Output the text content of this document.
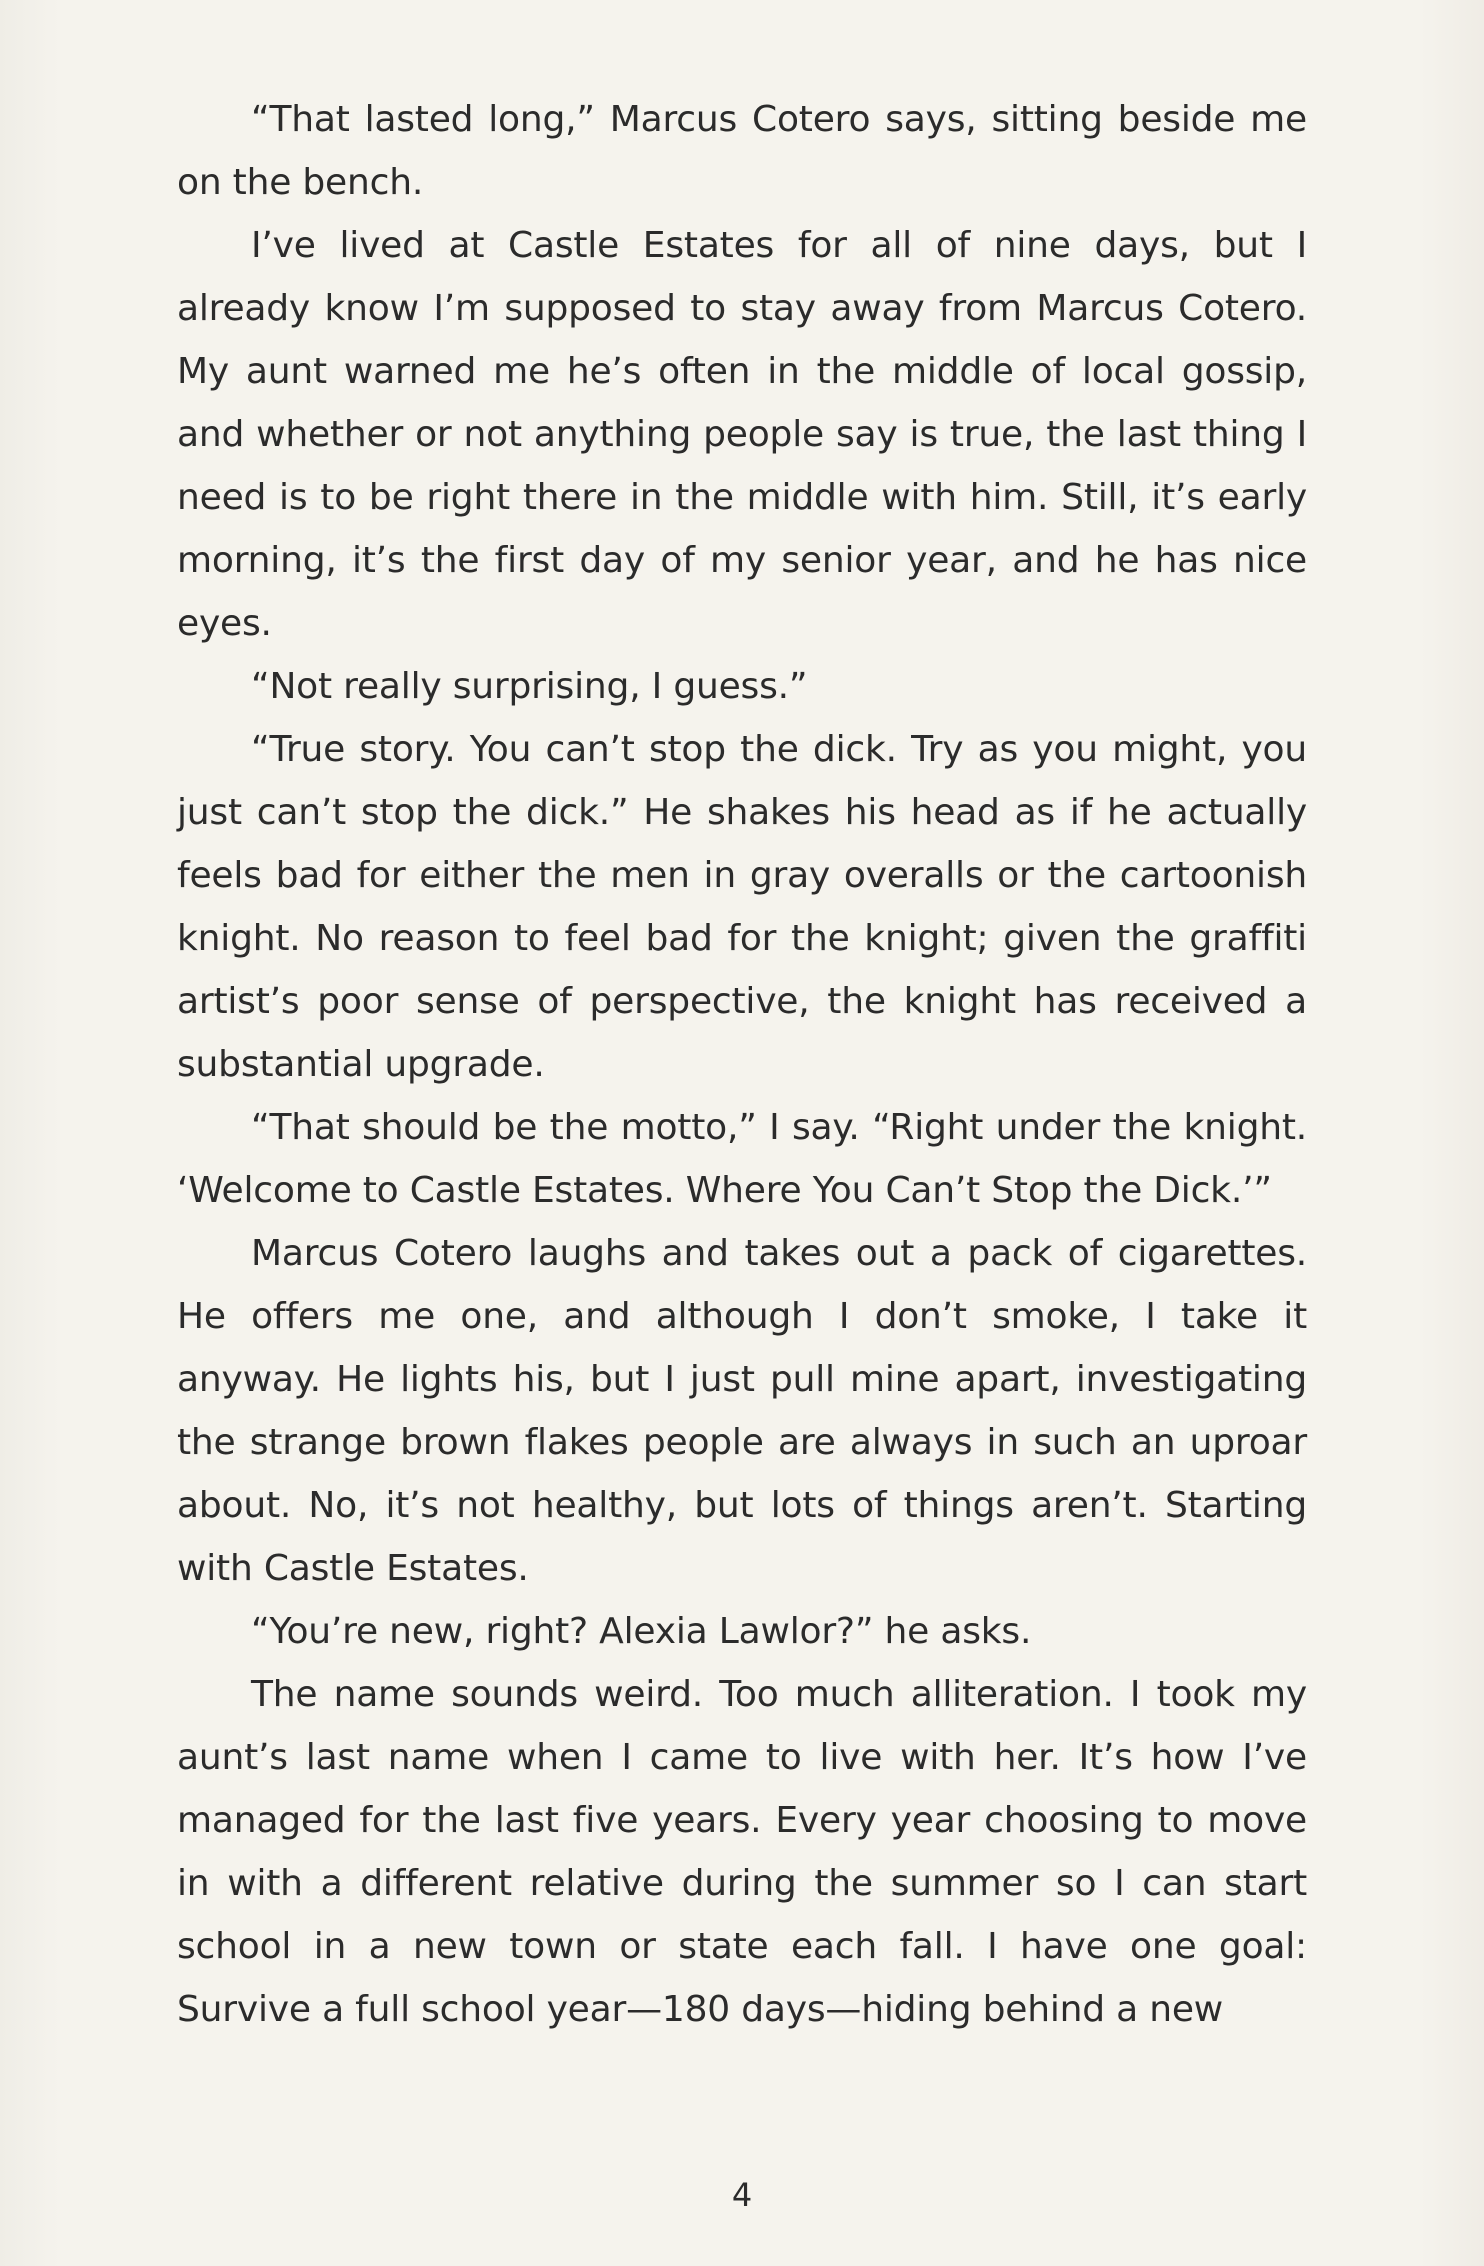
“That lasted long,” Marcus Cotero says, sitting beside me on the bench.

I’ve lived at Castle Estates for all of nine days, but I already know I’m supposed to stay away from Marcus Cotero. My aunt warned me he’s often in the middle of local gossip, and whether or not anything people say is true, the last thing I need is to be right there in the middle with him. Still, it’s early morning, it’s the first day of my senior year, and he has nice eyes.

“Not really surprising, I guess.”

“True story. You can’t stop the dick. Try as you might, you just can’t stop the dick.” He shakes his head as if he actually feels bad for either the men in gray overalls or the cartoonish knight. No reason to feel bad for the knight; given the graffiti artist’s poor sense of perspective, the knight has received a substantial upgrade.

“That should be the motto,” I say. “Right under the knight. ‘Welcome to Castle Estates. Where You Can’t Stop the Dick.’”

Marcus Cotero laughs and takes out a pack of cigarettes. He offers me one, and although I don’t smoke, I take it anyway. He lights his, but I just pull mine apart, investigating the strange brown flakes people are always in such an uproar about. No, it’s not healthy, but lots of things aren’t. Starting with Castle Estates.

“You’re new, right? Alexia Lawlor?” he asks.

The name sounds weird. Too much alliteration. I took my aunt’s last name when I came to live with her. It’s how I’ve managed for the last five years. Every year choosing to move in with a different relative during the summer so I can start school in a new town or state each fall. I have one goal: Survive a full school year—180 days—hiding behind a new

4
